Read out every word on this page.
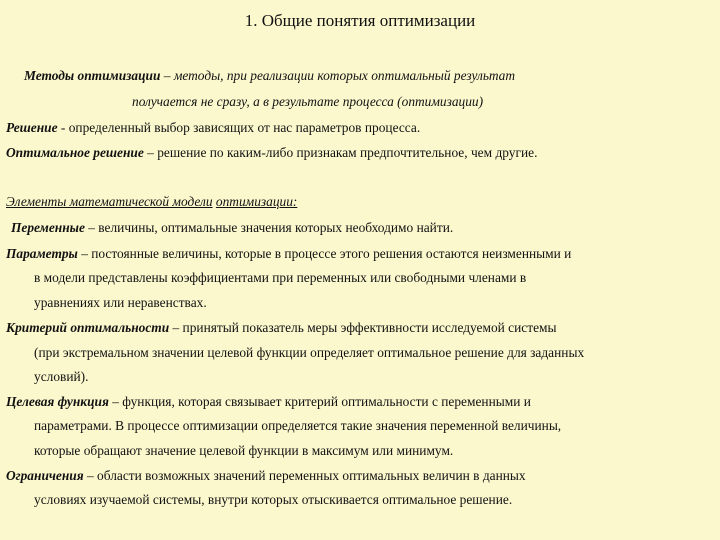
1. Общие понятия оптимизации
Методы оптимизации – методы, при реализации которых оптимальный результат
получается не сразу, а в результате процесса (оптимизации)
Решение - определенный выбор зависящих от нас параметров процесса.
Оптимальное решение – решение по каким-либо признакам предпочтительное, чем другие.
Элементы математической модели оптимизации:
Переменные – величины, оптимальные значения которых необходимо найти.
Параметры – постоянные величины, которые в процессе этого решения остаются неизменными и
в модели представлены коэффициентами при переменных или свободными членами в
уравнениях или неравенствах.
Критерий оптимальности – принятый показатель меры эффективности исследуемой системы
(при экстремальном значении целевой функции определяет оптимальное решение для заданных
условий).
Целевая функция – функция, которая связывает критерий оптимальности с переменными и
параметрами. В процессе оптимизации определяется такие значения переменной величины,
которые обращают значение целевой функции в максимум или минимум.
Ограничения – области возможных значений переменных оптимальных величин в данных
условиях изучаемой системы, внутри которых отыскивается оптимальное решение.
